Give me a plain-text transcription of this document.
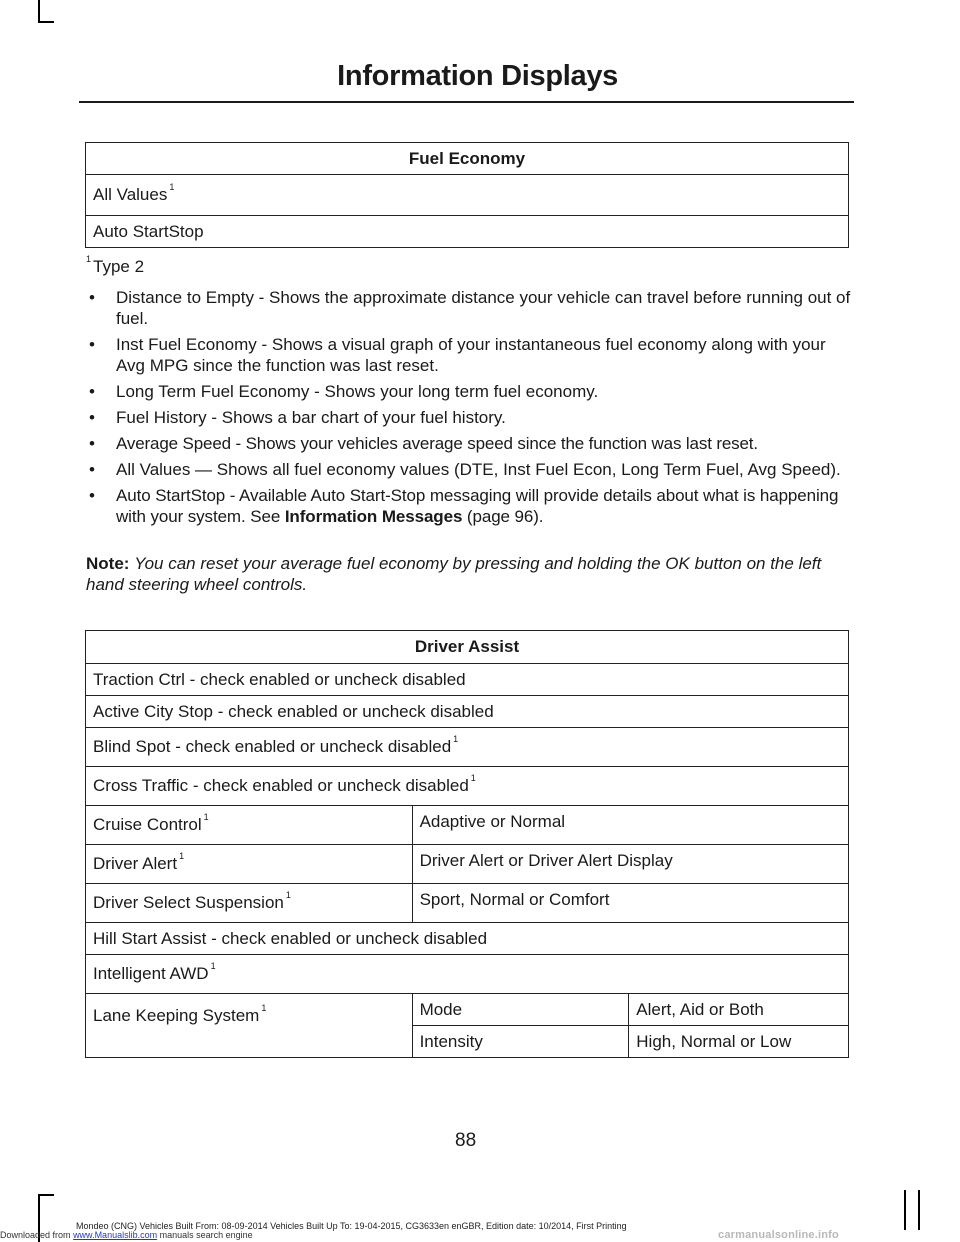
Information Displays
Fuel Economy
All Values $^1$
Auto StartStop
$^1$ Type 2
• Distance to Empty - Shows the approximate distance your vehicle can travel before running out of fuel.
• Inst Fuel Economy - Shows a visual graph of your instantaneous fuel economy along with your Avg MPG since the function was last reset.
• Long Term Fuel Economy - Shows your long term fuel economy.
• Fuel History - Shows a bar chart of your fuel history.
• Average Speed - Shows your vehicles average speed since the function was last reset.
• All Values — Shows all fuel economy values (DTE, Inst Fuel Econ, Long Term Fuel, Avg Speed).
• Auto StartStop - Available Auto Start-Stop messaging will provide details about what is happening with your system. See Information Messages (page 96).
Note: You can reset your average fuel economy by pressing and holding the OK button on the left hand steering wheel controls.
Driver Assist		
Traction Ctrl - check enabled or uncheck disabled		
Active City Stop - check enabled or uncheck disabled		
Blind Spot - check enabled or uncheck disabled $^1$
Cross Traffic - check enabled or uncheck disabled $^1$
Cruise Control $^1$	Adaptive or Normal	
Driver Alert $^1$	Driver Alert or Driver Alert Display	
Driver Select Suspension $^1$	Sport, Normal or Comfort	
Hill Start Assist - check enabled or uncheck disabled		
Intelligent AWD $^1$
Lane Keeping System $^1$	Mode	Alert, Aid or Both
	Intensity	High, Normal or Low
88
Downloaded from www.Manualslib.com manuals search engine
Mondeo (CNG) Vehicles Built From: 08-09-2014 Vehicles Built Up To: 19-04-2015, CG3633en enGBR, Edition date: 10/2014, First Printing
carmanualsonline.info
